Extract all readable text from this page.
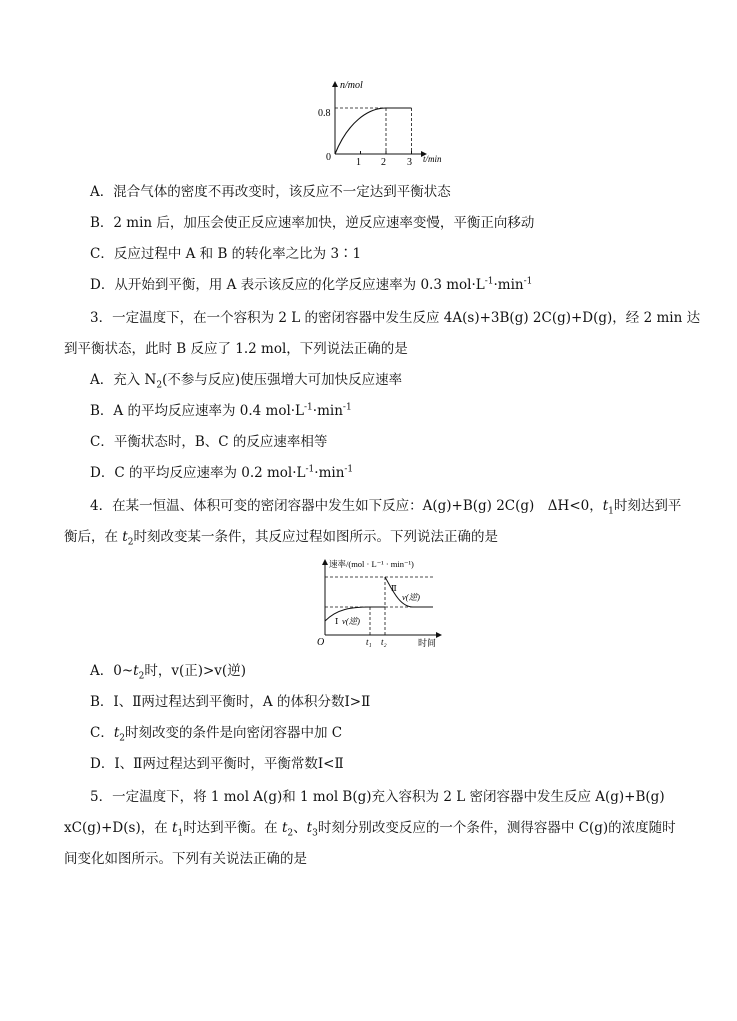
n/mol
t/min
0.8
0	1 2 3
A．混合气体的密度不再改变时，该反应不一定达到平衡状态
B．2 min 后，加压会使正反应速率加快，逆反应速率变慢，平衡正向移动
C．反应过程中 A 和 B 的转化率之比为 3∶1
D．从开始到平衡，用 A 表示该反应的化学反应速率为 0.3 $mol\cdot L^{-1}\cdot\min^{-1}$
3．一定温度下，在一个容积为 2 L 的密闭容器中发生反应 4A(s)+3B(g) 2C(g)+D(g)，经 2 min 达
到平衡状态，此时 B 反应了 1.2 mol，下列说法正确的是
A．充入 $N_2$(不参与反应)使压强增大可加快反应速率
B．A 的平均反应速率为 0.4 $mol\cdot L^{-1}\cdot\min^{-1}$
C．平衡状态时，B、C 的反应速率相等
D．C 的平均反应速率为 0.2 $mol\cdot L^{-1}\cdot\min^{-1}$
4．在某一恒温、体积可变的密闭容器中发生如下反应：A(g)+B(g) 2C(g)　ΔH<0，$t_1$时刻达到平
衡后，在 $t_2$时刻改变某一条件，其反应过程如图所示。下列说法正确的是
速率/(mol · L⁻¹ · min⁻¹)
时间
O	t₁ t₂
Ⅰ v(逆)
Ⅱ
v(逆)
A．$0\sim t_2$时，v(正)>v(逆)
B．Ⅰ、Ⅱ两过程达到平衡时，A 的体积分数Ⅰ>Ⅱ
C．$t_2$时刻改变的条件是向密闭容器中加 C
D．Ⅰ、Ⅱ两过程达到平衡时，平衡常数Ⅰ<Ⅱ
5．一定温度下，将 1 mol A(g)和 1 mol B(g)充入容积为 2 L 密闭容器中发生反应 A(g)+B(g)
xC(g)+D(s)，在 $t_1$时达到平衡。在 $t_2$、$t_3$时刻分别改变反应的一个条件，测得容器中 C(g)的浓度随时
间变化如图所示。下列有关说法正确的是
